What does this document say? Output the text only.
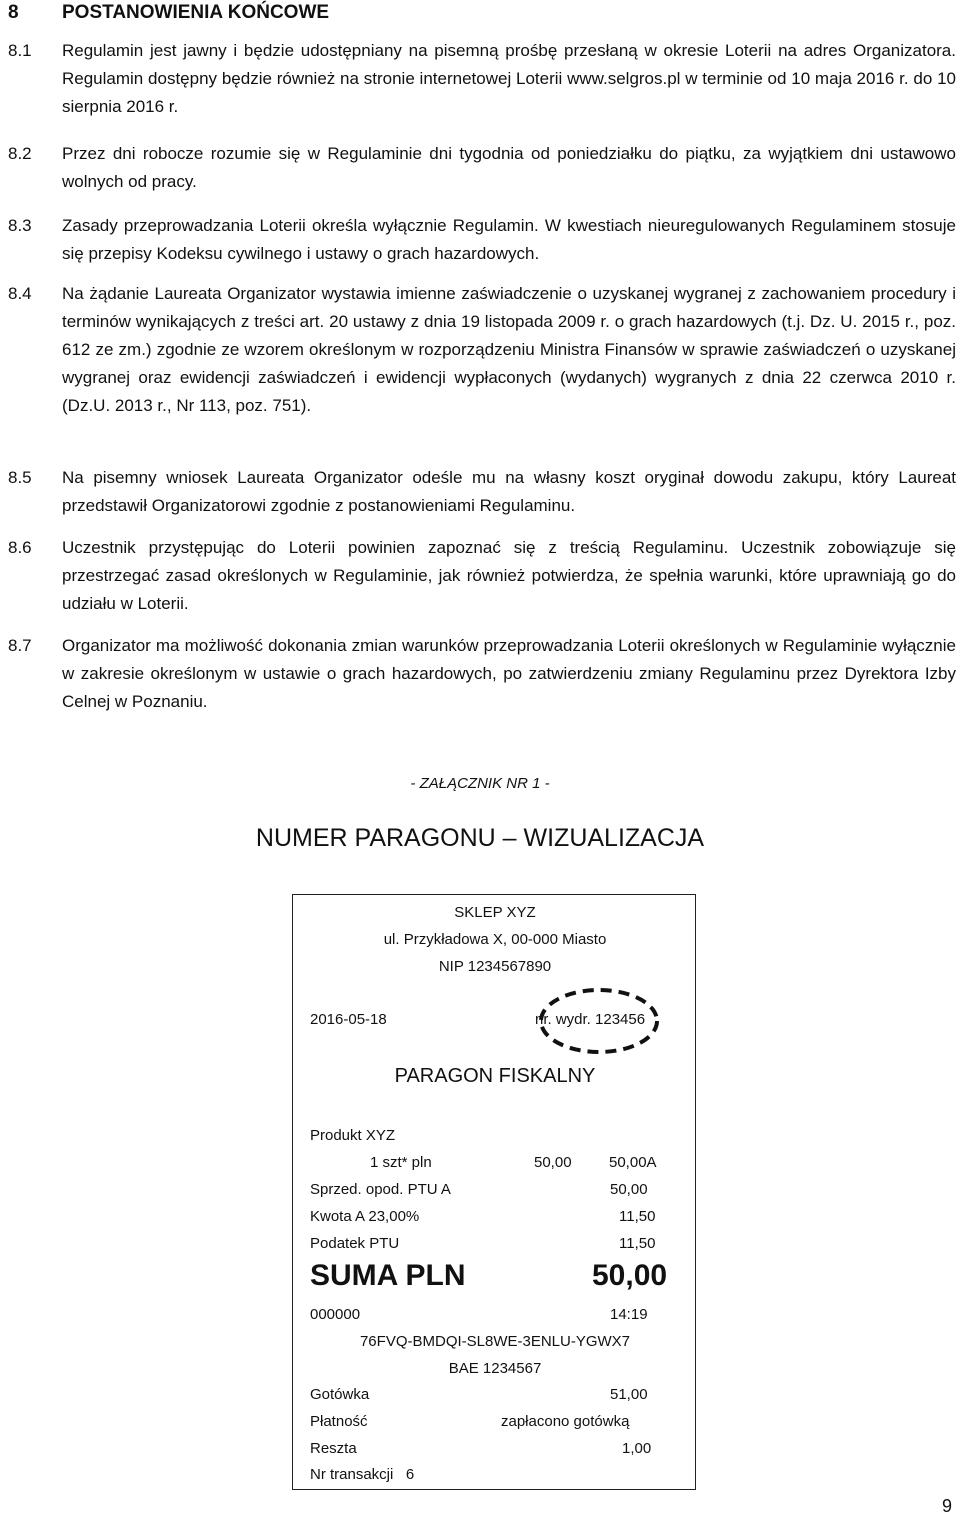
8 POSTANOWIENIA KOŃCOWE
8.1 Regulamin jest jawny i będzie udostępniany na pisemną prośbę przesłaną w okresie Loterii na adres Organizatora. Regulamin dostępny będzie również na stronie internetowej Loterii www.selgros.pl w terminie od 10 maja 2016 r. do 10 sierpnia 2016 r.
8.2 Przez dni robocze rozumie się w Regulaminie dni tygodnia od poniedziałku do piątku, za wyjątkiem dni ustawowo wolnych od pracy.
8.3 Zasady przeprowadzania Loterii określa wyłącznie Regulamin. W kwestiach nieuregulowanych Regulaminem stosuje się przepisy Kodeksu cywilnego i ustawy o grach hazardowych.
8.4 Na żądanie Laureata Organizator wystawia imienne zaświadczenie o uzyskanej wygranej z zachowaniem procedury i terminów wynikających z treści art. 20 ustawy z dnia 19 listopada 2009 r. o grach hazardowych (t.j. Dz. U. 2015 r., poz. 612 ze zm.) zgodnie ze wzorem określonym w rozporządzeniu Ministra Finansów w sprawie zaświadczeń o uzyskanej wygranej oraz ewidencji zaświadczeń i ewidencji wypłaconych (wydanych) wygranych z dnia 22 czerwca 2010 r. (Dz.U. 2013 r., Nr 113, poz. 751).
8.5 Na pisemny wniosek Laureata Organizator odeśle mu na własny koszt oryginał dowodu zakupu, który Laureat przedstawił Organizatorowi zgodnie z postanowieniami Regulaminu.
8.6 Uczestnik przystępując do Loterii powinien zapoznać się z treścią Regulaminu. Uczestnik zobowiązuje się przestrzegać zasad określonych w Regulaminie, jak również potwierdza, że spełnia warunki, które uprawniają go do udziału w Loterii.
8.7 Organizator ma możliwość dokonania zmian warunków przeprowadzania Loterii określonych w Regulaminie wyłącznie w zakresie określonym w ustawie o grach hazardowych, po zatwierdzeniu zmiany Regulaminu przez Dyrektora Izby Celnej w Poznaniu.
- ZAŁĄCZNIK NR 1 -
NUMER PARAGONU – WIZUALIZACJA
SKLEP XYZ
ul. Przykładowa X, 00-000 Miasto
NIP 1234567890
2016-05-18	nr. wydr. 123456
PARAGON FISKALNY
Produkt XYZ
1 szt* pln	50,00 50,00A
Sprzed. opod. PTU A	50,00
Kwota A 23,00%	11,50
Podatek PTU	11,50
SUMA PLN	50,00
000000	14:19
76FVQ-BMDQI-SL8WE-3ENLU-YGWX7
BAE 1234567
Gotówka	51,00
Płatność	zapłacono gotówką
Reszta	1,00
Nr transakcji 6
9
